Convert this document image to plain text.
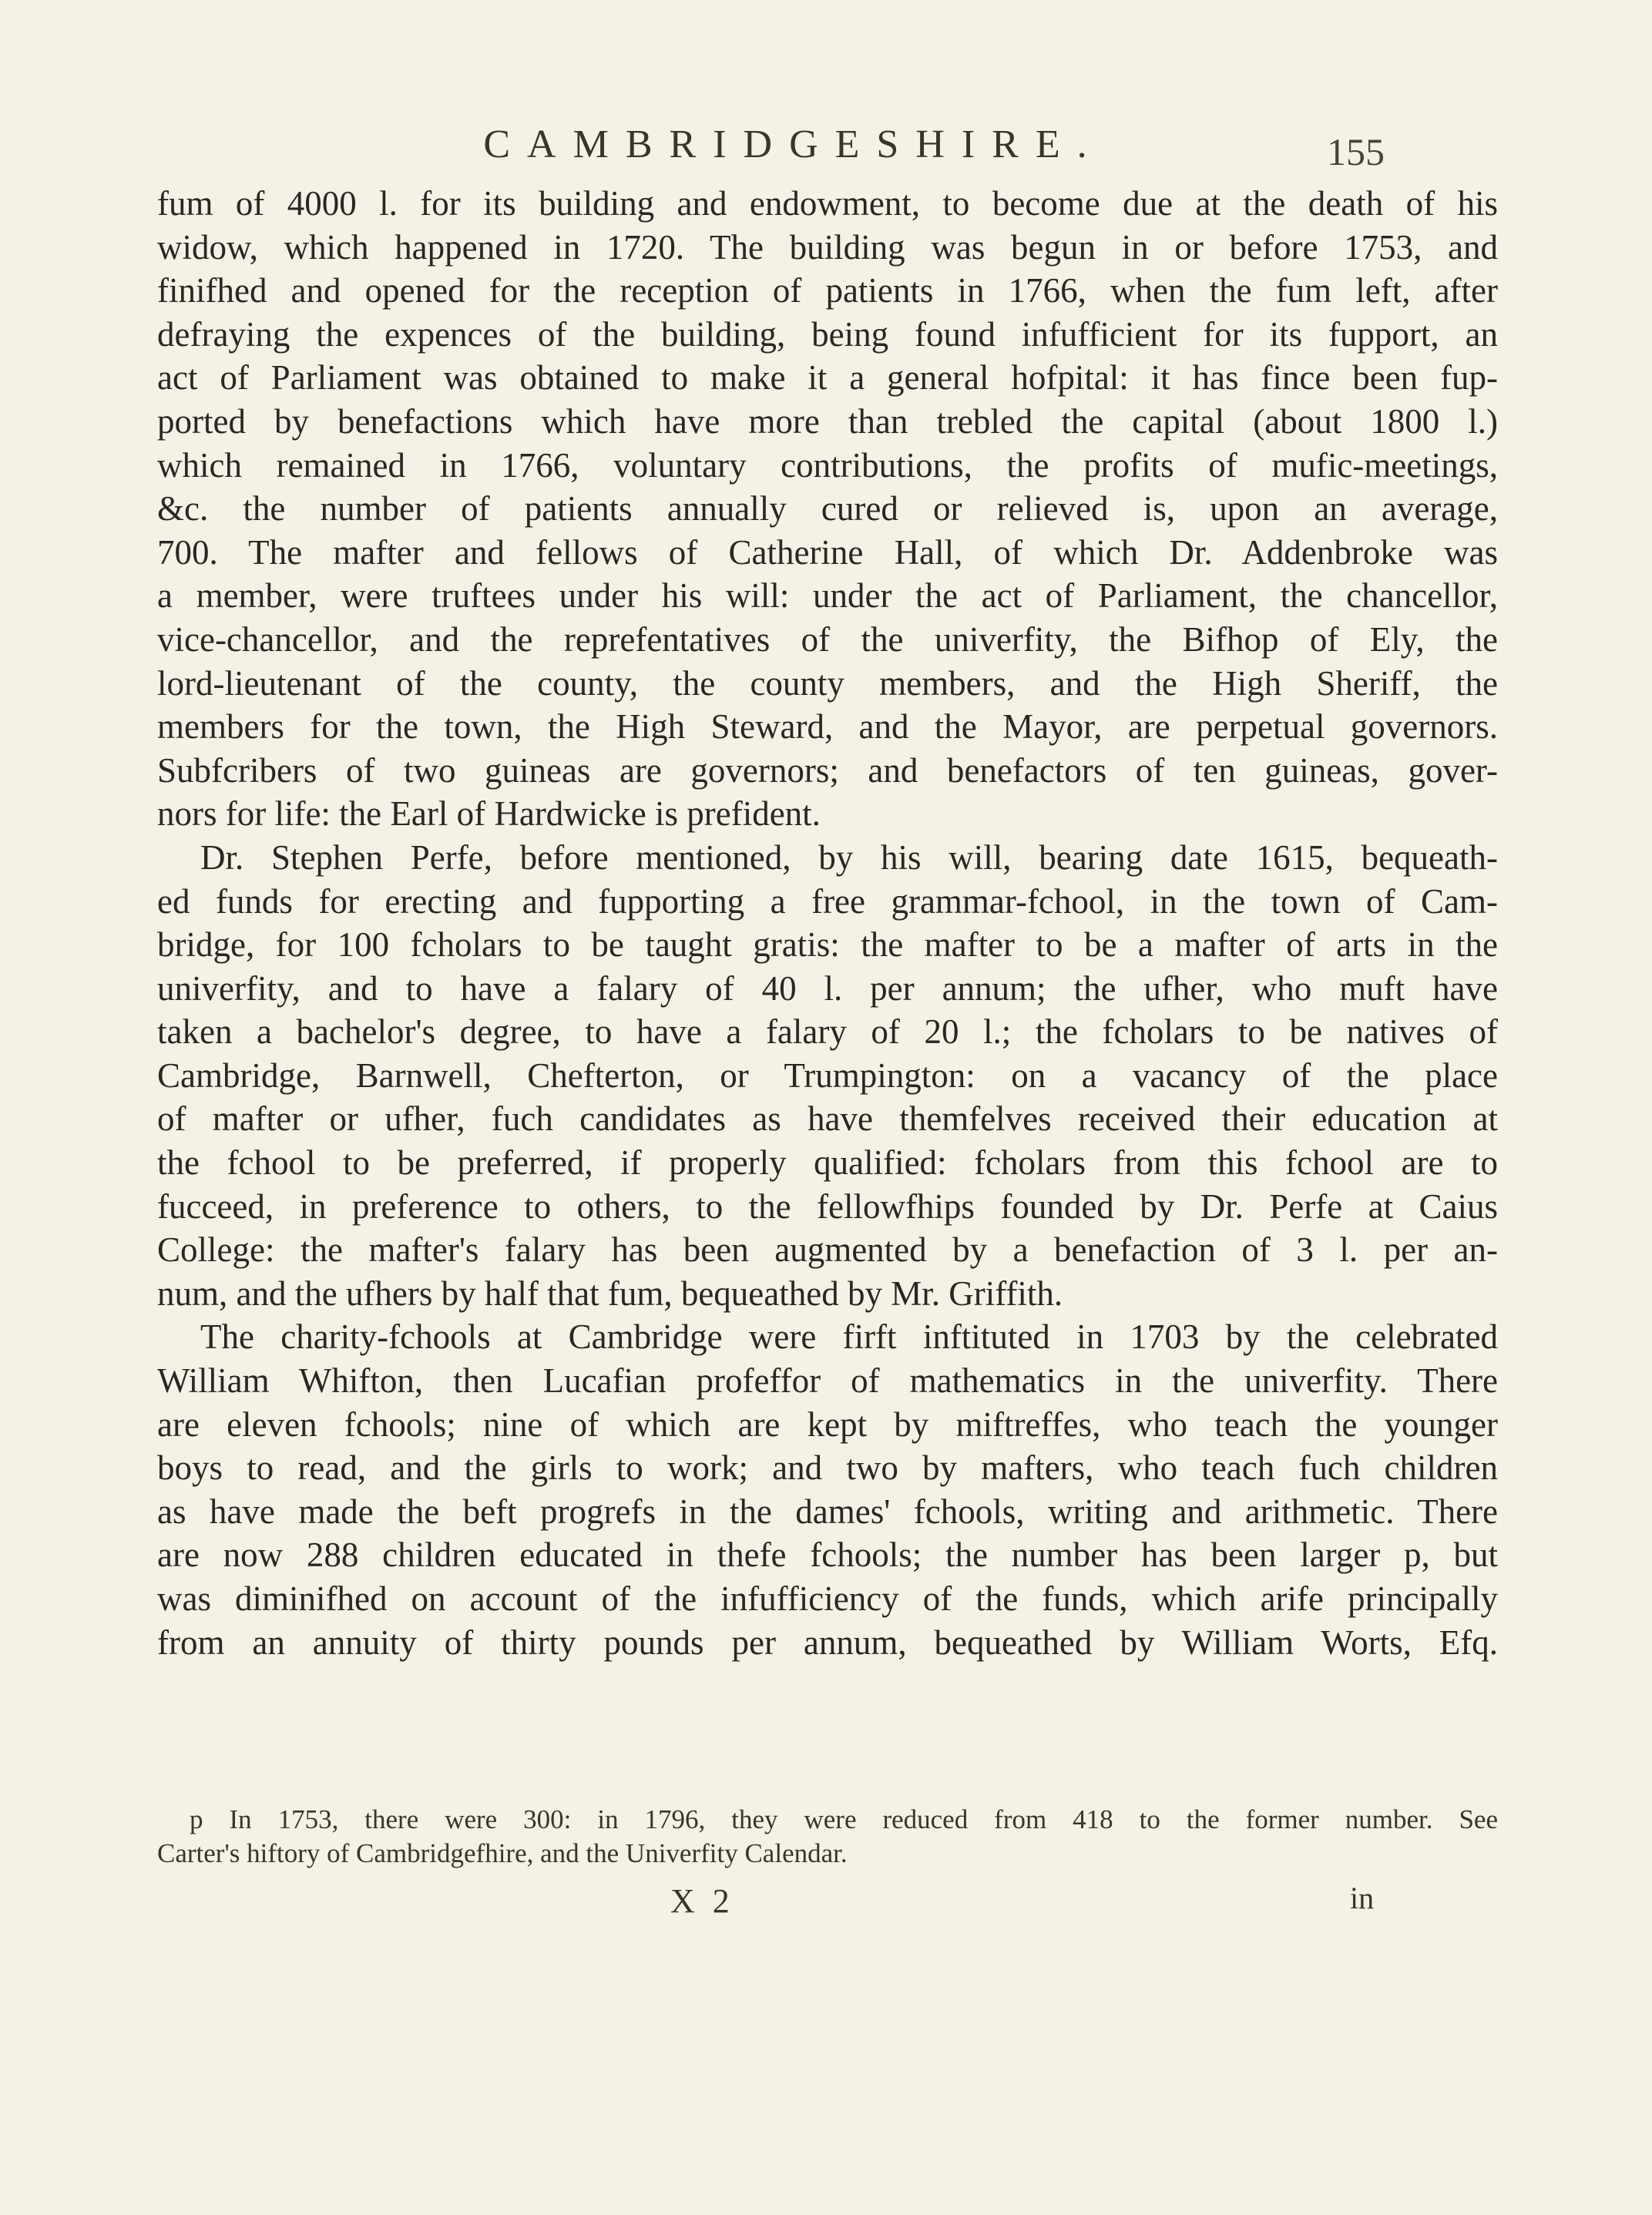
CAMBRIDGESHIRE.	155
fum of 4000 l. for its building and endowment, to become due at the death of his
widow, which happened in 1720. The building was begun in or before 1753, and
finifhed and opened for the reception of patients in 1766, when the fum left, after
defraying the expences of the building, being found infufficient for its fupport, an
act of Parliament was obtained to make it a general hofpital: it has fince been fup-
ported by benefactions which have more than trebled the capital (about 1800 l.)
which remained in 1766, voluntary contributions, the profits of mufic-meetings,
&c. the number of patients annually cured or relieved is, upon an average,
700. The mafter and fellows of Catherine Hall, of which Dr. Addenbroke was
a member, were truftees under his will: under the act of Parliament, the chancellor,
vice-chancellor, and the reprefentatives of the univerfity, the Bifhop of Ely, the
lord-lieutenant of the county, the county members, and the High Sheriff, the
members for the town, the High Steward, and the Mayor, are perpetual governors.
Subfcribers of two guineas are governors; and benefactors of ten guineas, gover-
nors for life: the Earl of Hardwicke is prefident.
Dr. Stephen Perfe, before mentioned, by his will, bearing date 1615, bequeath-
ed funds for erecting and fupporting a free grammar-fchool, in the town of Cam-
bridge, for 100 fcholars to be taught gratis: the mafter to be a mafter of arts in the
univerfity, and to have a falary of 40 l. per annum; the ufher, who muft have
taken a bachelor's degree, to have a falary of 20 l.; the fcholars to be natives of
Cambridge, Barnwell, Chefterton, or Trumpington: on a vacancy of the place
of mafter or ufher, fuch candidates as have themfelves received their education at
the fchool to be preferred, if properly qualified: fcholars from this fchool are to
fucceed, in preference to others, to the fellowfhips founded by Dr. Perfe at Caius
College: the mafter's falary has been augmented by a benefaction of 3 l. per an-
num, and the ufhers by half that fum, bequeathed by Mr. Griffith.
The charity-fchools at Cambridge were firft inftituted in 1703 by the celebrated
William Whifton, then Lucafian profeffor of mathematics in the univerfity. There
are eleven fchools; nine of which are kept by miftreffes, who teach the younger
boys to read, and the girls to work; and two by mafters, who teach fuch children
as have made the beft progrefs in the dames' fchools, writing and arithmetic. There
are now 288 children educated in thefe fchools; the number has been larger p, but
was diminifhed on account of the infufficiency of the funds, which arife principally
from an annuity of thirty pounds per annum, bequeathed by William Worts, Efq.
p In 1753, there were 300: in 1796, they were reduced from 418 to the former number. See
Carter's hiftory of Cambridgefhire, and the Univerfity Calendar.
X 2	in
